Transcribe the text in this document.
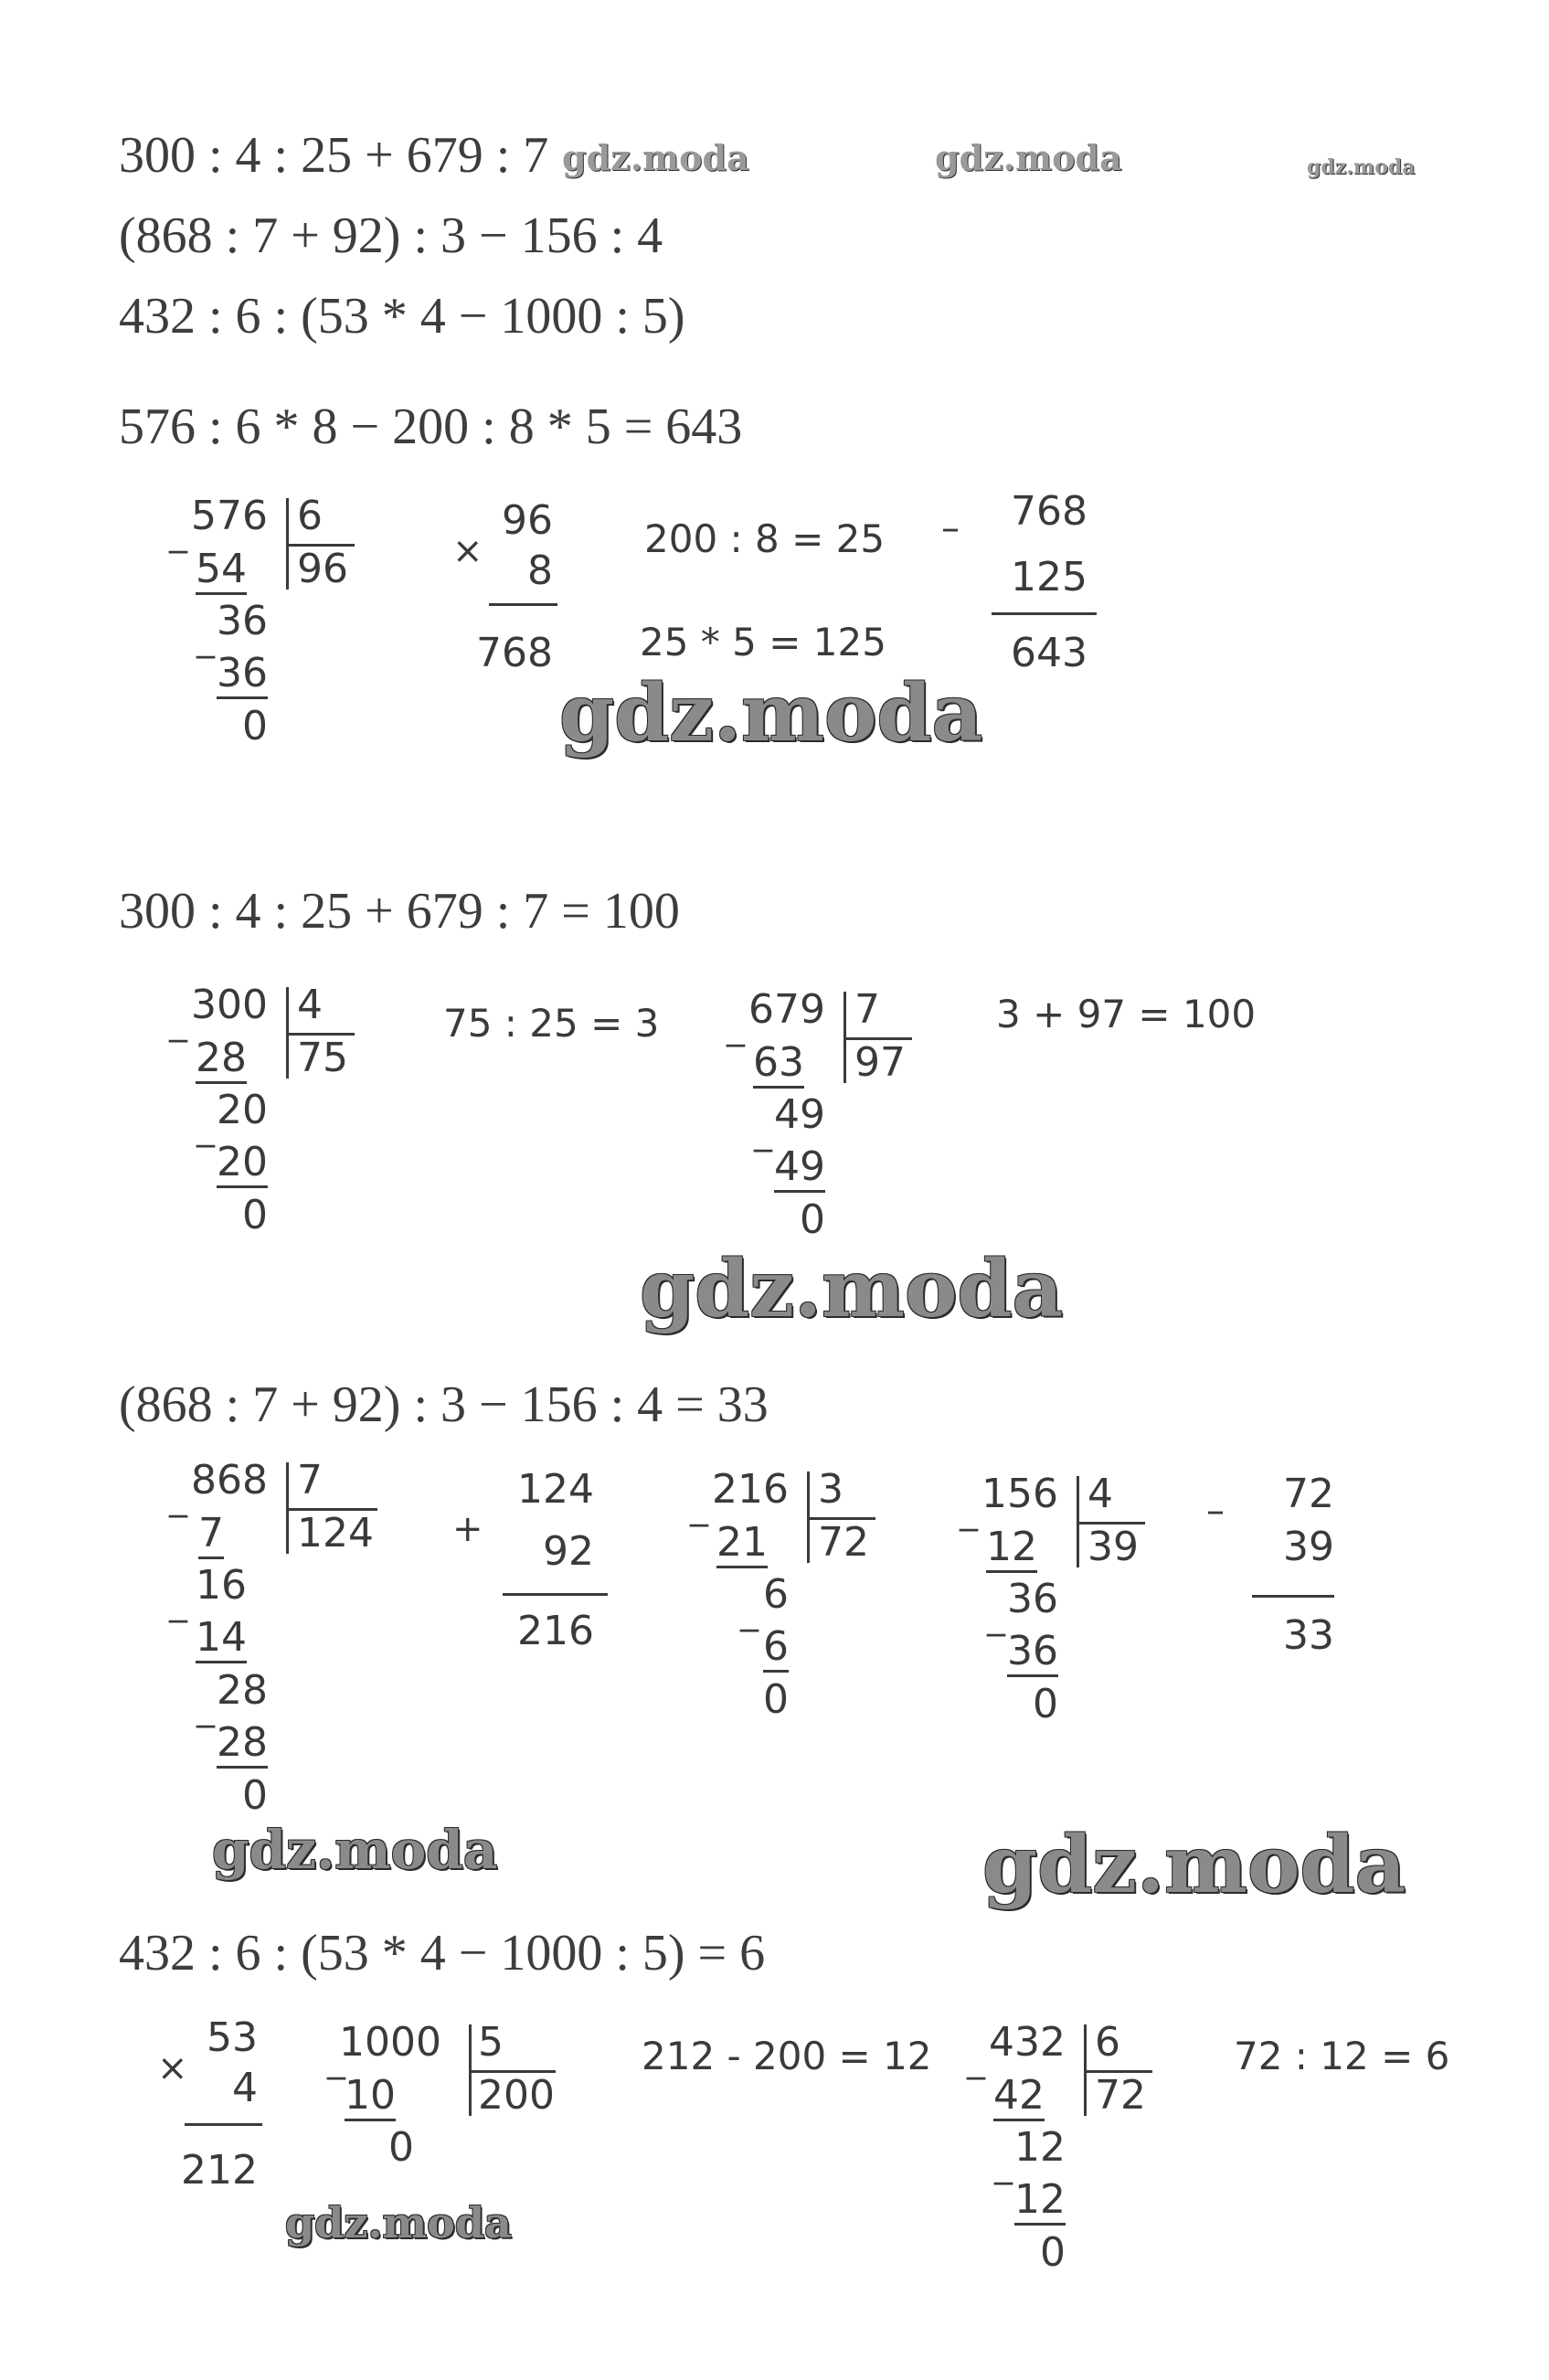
300 : 4 : 25 + 679 : 7
(868 : 7 + 92) : 3 − 156 : 4
432 : 6 : (53 * 4 − 1000 : 5)
gdz.moda	gdz.moda	gdz.moda
576 : 6 * 8 − 200 : 8 * 5 = 643
_ 576 6
96
54
_ 36
36
0
×
96
8
768
200 : 8 = 25
25 * 5 = 125
– 768
125
643
gdz.moda
300 : 4 : 25 + 679 : 7 = 100
_ 300 4
75
28
_ 20
20
0
75 : 25 = 3 _ 679 7
97
63
_ 49
49
0
3 + 97 = 100
gdz.moda
(868 : 7 + 92) : 3 − 156 : 4 = 33
_ 868 7
124
7
_ 16
14
_ 28
28
0
+
124
92
216
_ 216 3
72
21
_ 6
6
0
_ 156 4
39
12
_ 36
36
0
– 72
39
33
gdz.moda	gdz.moda
432 : 6 : (53 * 4 − 1000 : 5) = 6
×
53
4
212
_
1000 5
200
10
0
212 - 200 = 12 _ 432 6
72
42
_ 12
12
0
72 : 12 = 6
gdz.moda
